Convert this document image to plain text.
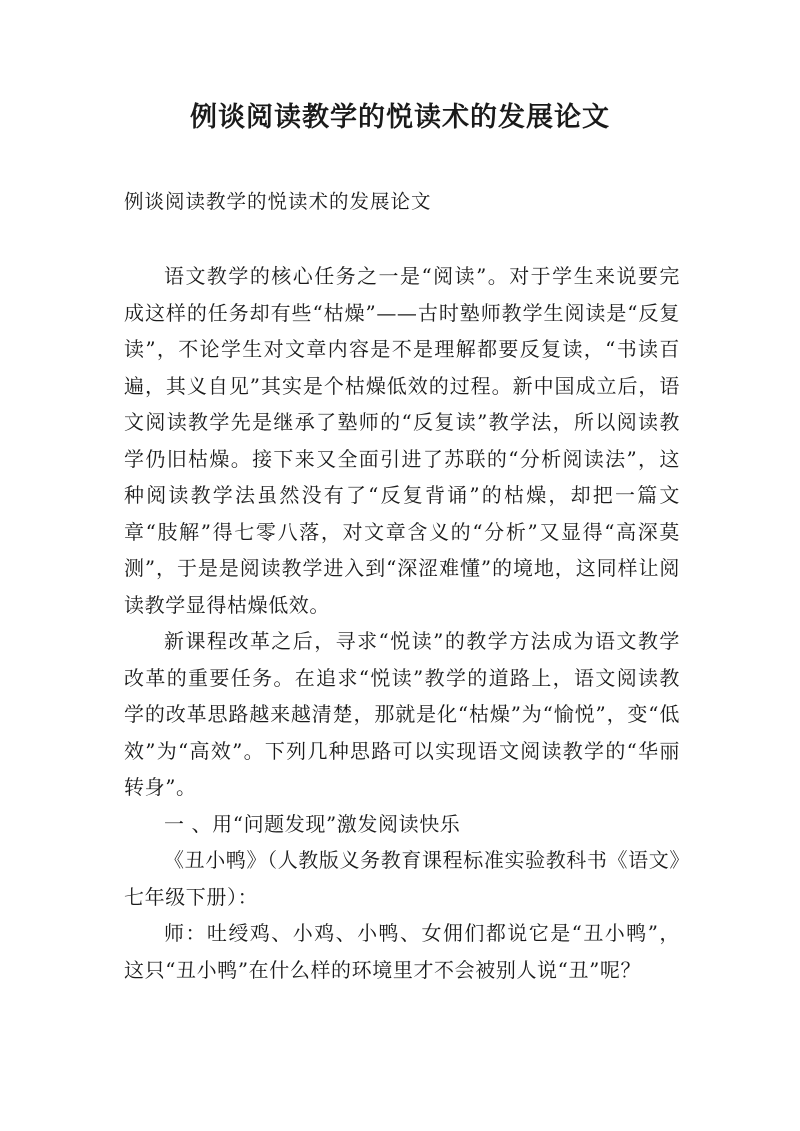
例谈阅读教学的悦读术的发展论文

例谈阅读教学的悦读术的发展论文

语文教学的核心任务之一是“阅读”。对于学生来说要完成这样的任务却有些“枯燥”——古时塾师教学生阅读是“反复读”，不论学生对文章内容是不是理解都要反复读，“书读百遍，其义自见”其实是个枯燥低效的过程。新中国成立后，语文阅读教学先是继承了塾师的“反复读”教学法，所以阅读教学仍旧枯燥。接下来又全面引进了苏联的“分析阅读法”，这种阅读教学法虽然没有了“反复背诵”的枯燥，却把一篇文章“肢解”得七零八落，对文章含义的“分析”又显得“高深莫测”，于是是阅读教学进入到“深涩难懂”的境地，这同样让阅读教学显得枯燥低效。

新课程改革之后，寻求“悦读”的教学方法成为语文教学改革的重要任务。在追求“悦读”教学的道路上，语文阅读教学的改革思路越来越清楚，那就是化“枯燥”为“愉悦”，变“低效”为“高效”。下列几种思路可以实现语文阅读教学的“华丽转身”。

一 、用“问题发现”激发阅读快乐

《丑小鸭》（人教版义务教育课程标准实验教科书《语文》七年级下册）：

师：吐绶鸡、小鸡、小鸭、女佣们都说它是“丑小鸭”，这只“丑小鸭”在什么样的环境里才不会被别人说“丑”呢？
